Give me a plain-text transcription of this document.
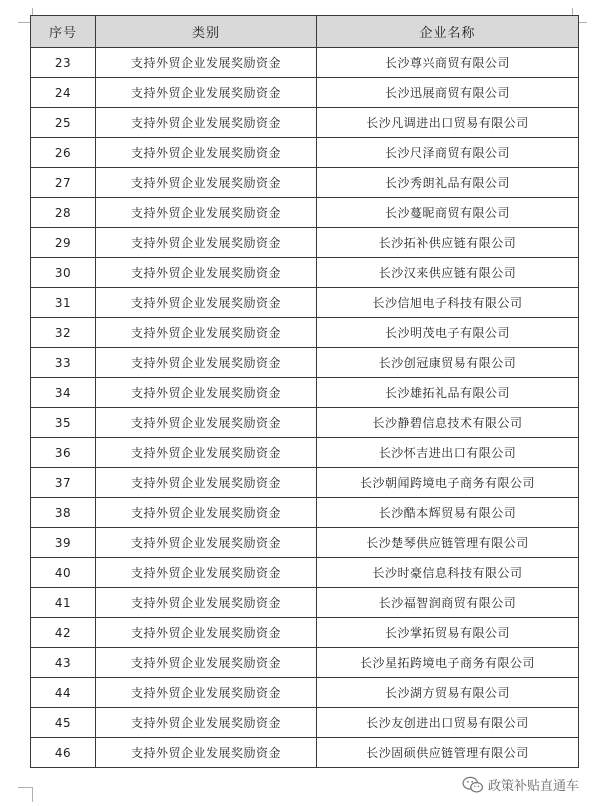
序号	类别	企业名称
23	支持外贸企业发展奖励资金	长沙尊兴商贸有限公司
24	支持外贸企业发展奖励资金	长沙迅展商贸有限公司
25	支持外贸企业发展奖励资金	长沙凡调进出口贸易有限公司
26	支持外贸企业发展奖励资金	长沙尺泽商贸有限公司
27	支持外贸企业发展奖励资金	长沙秀朗礼品有限公司
28	支持外贸企业发展奖励资金	长沙蔓昵商贸有限公司
29	支持外贸企业发展奖励资金	长沙拓补供应链有限公司
30	支持外贸企业发展奖励资金	长沙汉来供应链有限公司
31	支持外贸企业发展奖励资金	长沙信旭电子科技有限公司
32	支持外贸企业发展奖励资金	长沙明茂电子有限公司
33	支持外贸企业发展奖励资金	长沙创冠康贸易有限公司
34	支持外贸企业发展奖励资金	长沙雄拓礼品有限公司
35	支持外贸企业发展奖励资金	长沙静碧信息技术有限公司
36	支持外贸企业发展奖励资金	长沙怀吉进出口有限公司
37	支持外贸企业发展奖励资金	长沙朝闻跨境电子商务有限公司
38	支持外贸企业发展奖励资金	长沙酷本辉贸易有限公司
39	支持外贸企业发展奖励资金	长沙楚琴供应链管理有限公司
40	支持外贸企业发展奖励资金	长沙时豪信息科技有限公司
41	支持外贸企业发展奖励资金	长沙福智润商贸有限公司
42	支持外贸企业发展奖励资金	长沙掌拓贸易有限公司
43	支持外贸企业发展奖励资金	长沙星拓跨境电子商务有限公司
44	支持外贸企业发展奖励资金	长沙湖方贸易有限公司
45	支持外贸企业发展奖励资金	长沙友创进出口贸易有限公司
46	支持外贸企业发展奖励资金	长沙固硕供应链管理有限公司
政策补贴直通车
